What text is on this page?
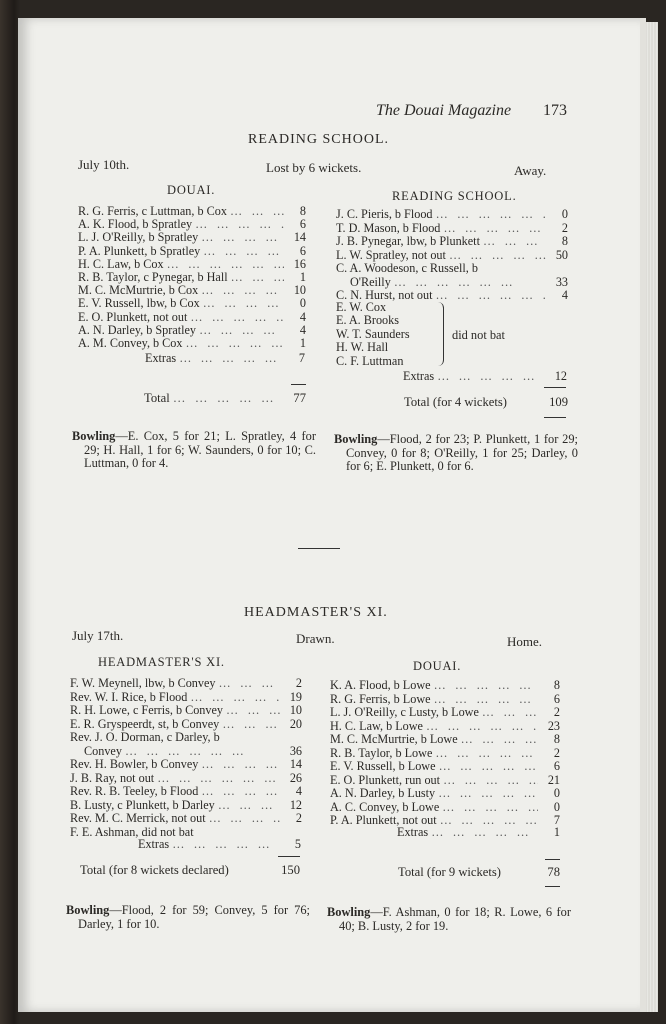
The Douai Magazine 173
READING SCHOOL.
July 10th.	Lost by 6 wickets.	Away.
DOUAI.	READING SCHOOL.
R. G. Ferris, c Luttman, b Cox …   …   …   …   …   …	8
A. K. Flood, b Spratley …   …   …   …   …   …	6
L. J. O'Reilly, b Spratley …   …   …   …   …   …	14
P. A. Plunkett, b Spratley …   …   …   …   …   …	6
H. C. Law, b Cox …   …   …   …   …   …	16
R. B. Taylor, c Pynegar, b Hall …   …   …   …   …   …	1
M. C. McMurtrie, b Cox …   …   …   …   …   …	10
E. V. Russell, lbw, b Cox …   …   …   …   …   …	0
E. O. Plunkett, not out …   …   …   …   …   …	4
A. N. Darley, b Spratley …   …   …   …   …   …	4
A. M. Convey, b Cox …   …   …   …   …   …	1
J. C. Pieris, b Flood …   …   …   …   …   …	0
T. D. Mason, b Flood …   …   …   …   …   …	2
J. B. Pynegar, lbw, b Plunkett …   …   …   …   …   …	8
L. W. Spratley, not out …   …   …   …   …   …	50
C. A. Woodeson, c Russell, b
O'Reilly …   …   …   …   …   …	33
C. N. Hurst, not out …   …   …   …   …   …	4
E. W. Cox
E. A. Brooks
W. T. Saunders
H. W. Hall
C. F. Luttman
did not bat
Extras …   …   …   …   …   …	7
Total …   …   …   …   …   …	77
Extras …   …   …   …   …   …	12
Total (for 4 wickets)	109
Bowling—E. Cox, 5 for 21; L. Spratley, 4 for 29; H. Hall, 1 for 6; W. Saunders, 0 for 10; C. Luttman, 0 for 4.
Bowling—Flood, 2 for 23; P. Plunkett, 1 for 29; Convey, 0 for 8; O'Reilly, 1 for 25; Darley, 0 for 6; E. Plunkett, 0 for 6.
HEADMASTER'S XI.
July 17th.	Drawn.	Home.
HEADMASTER'S XI.	DOUAI.
F. W. Meynell, lbw, b Convey …   …   …   …   …   …	2
Rev. W. I. Rice, b Flood …   …   …   …   …   …	19
R. H. Lowe, c Ferris, b Convey …   …   …   …   …   …	10
E. R. Gryspeerdt, st, b Convey …   …   …   …   …   …	20
Rev. J. O. Dorman, c Darley, b
Convey …   …   …   …   …   …	36
Rev. H. Bowler, b Convey …   …   …   …   …   …	14
J. B. Ray, not out …   …   …   …   …   …	26
Rev. R. B. Teeley, b Flood …   …   …   …   …   …	4
B. Lusty, c Plunkett, b Darley …   …   …   …   …   …	12
Rev. M. C. Merrick, not out …   …   …   …   …   …	2
F. E. Ashman, did not bat
K. A. Flood, b Lowe …   …   …   …   …   …	8
R. G. Ferris, b Lowe …   …   …   …   …   …	6
L. J. O'Reilly, c Lusty, b Lowe …   …   …   …   …   …	2
H. C. Law, b Lowe …   …   …   …   …   …	23
M. C. McMurtrie, b Lowe …   …   …   …   …   …	8
R. B. Taylor, b Lowe …   …   …   …   …   …	2
E. V. Russell, b Lowe …   …   …   …   …   …	6
E. O. Plunkett, run out …   …   …   …   …   …	21
A. N. Darley, b Lusty …   …   …   …   …   …	0
A. C. Convey, b Lowe …   …   …   …   …   …	0
P. A. Plunkett, not out …   …   …   …   …   …	7
Extras …   …   …   …   …   …	5
Total (for 8 wickets declared)	150
Extras …   …   …   …   …   …	1
Total (for 9 wickets)	78
Bowling—Flood, 2 for 59; Convey, 5 for 76; Darley, 1 for 10.
Bowling—F. Ashman, 0 for 18; R. Lowe, 6 for 40; B. Lusty, 2 for 19.
